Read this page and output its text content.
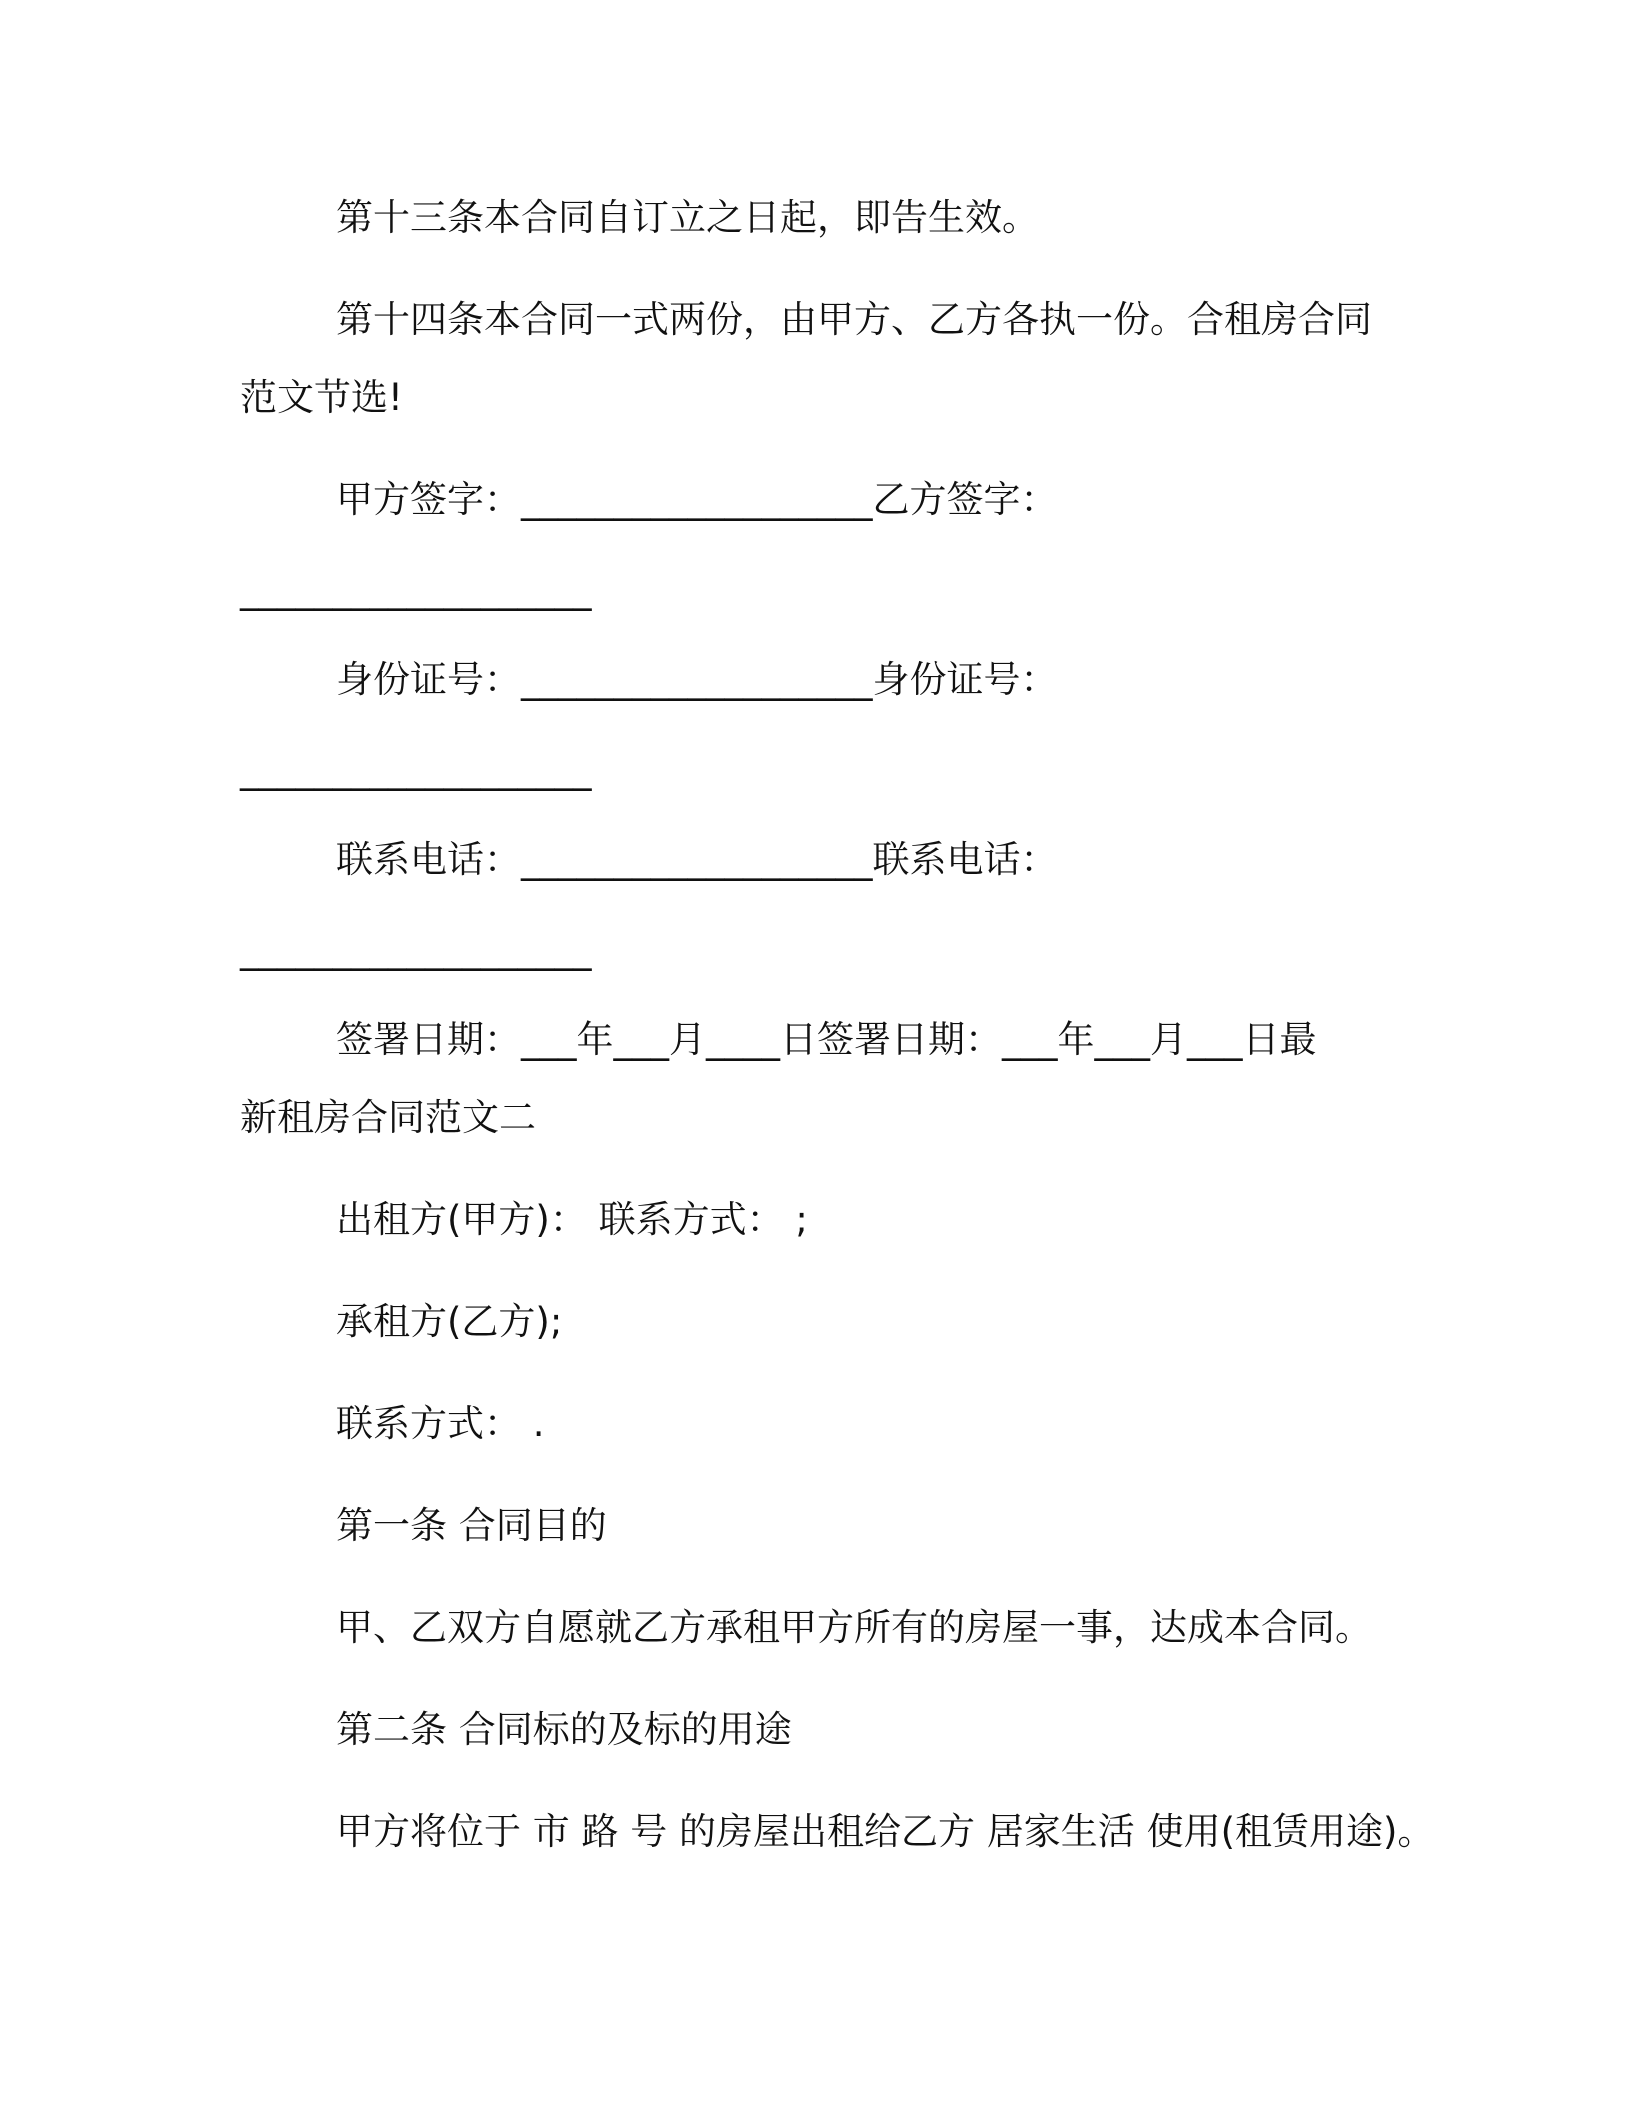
第十三条本合同自订立之日起，即告生效。
第十四条本合同一式两份，由甲方、乙方各执一份。合租房合同
范文节选!
甲方签字：___________________乙方签字：
___________________
身份证号：___________________身份证号：
___________________
联系电话：___________________联系电话：
___________________
签署日期：___年___月____日签署日期：___年___月___日最
新租房合同范文二
出租方(甲方)： 联系方式： ;
承租方(乙方);
联系方式： .
第一条 合同目的
甲、乙双方自愿就乙方承租甲方所有的房屋一事，达成本合同。
第二条 合同标的及标的用途
甲方将位于 市 路 号 的房屋出租给乙方 居家生活 使用(租赁用途)。
